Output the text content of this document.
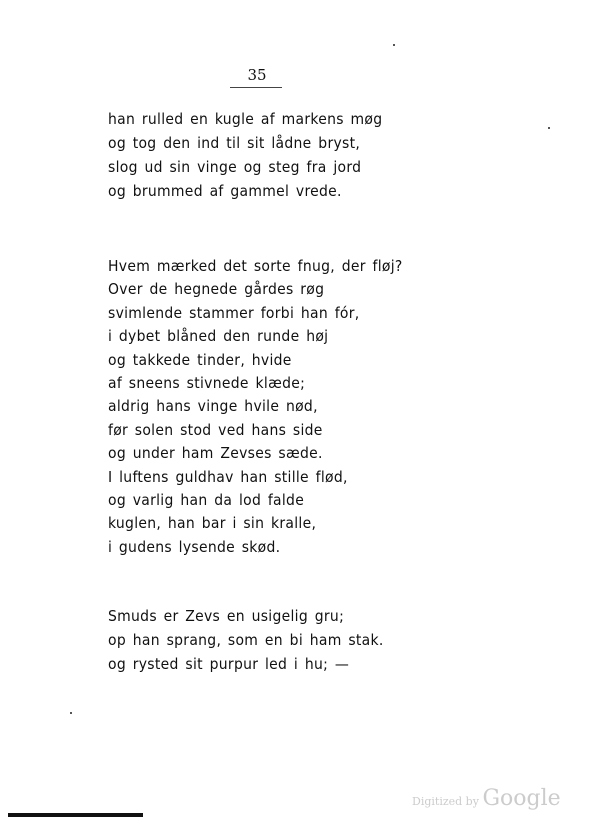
35
han rulled en kugle af markens møg
og tog den ind til sit lådne bryst,
slog ud sin vinge og steg fra jord
og brummed af gammel vrede.
Hvem mærked det sorte fnug, der fløj?
Over de hegnede gårdes røg
svimlende stammer forbi han fór,
i dybet blåned den runde høj
og takkede tinder, hvide
af sneens stivnede klæde;
aldrig hans vinge hvile nød,
før solen stod ved hans side
og under ham Zevses sæde.
I luftens guldhav han stille flød,
og varlig han da lod falde
kuglen, han bar i sin kralle,
i gudens lysende skød.
Smuds er Zevs en usigelig gru;
op han sprang, som en bi ham stak.
og rysted sit purpur led i hu; —
Digitized by Google
